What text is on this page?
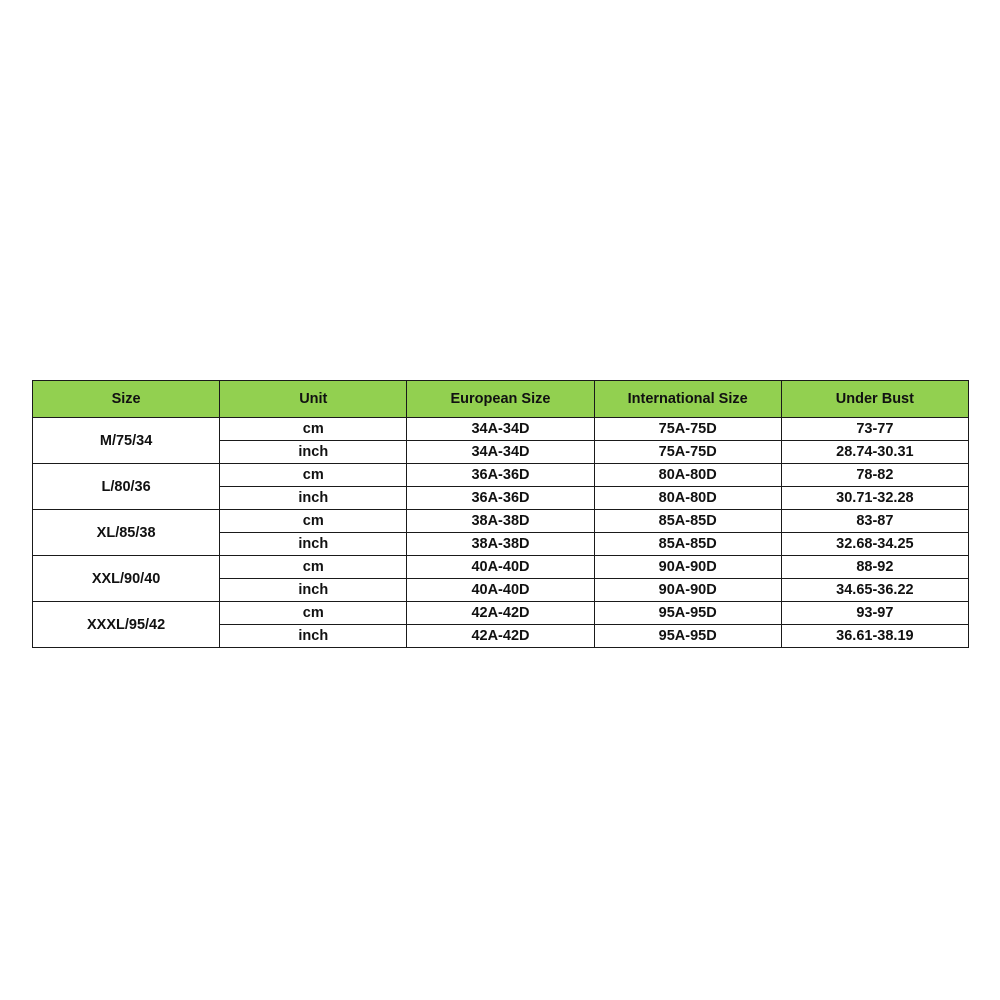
Size	Unit	European Size	International Size	Under Bust
M/75/34	cm	34A-34D	75A-75D	73-77
	inch	34A-34D	75A-75D	28.74-30.31
L/80/36	cm	36A-36D	80A-80D	78-82
	inch	36A-36D	80A-80D	30.71-32.28
XL/85/38	cm	38A-38D	85A-85D	83-87
	inch	38A-38D	85A-85D	32.68-34.25
XXL/90/40	cm	40A-40D	90A-90D	88-92
	inch	40A-40D	90A-90D	34.65-36.22
XXXL/95/42	cm	42A-42D	95A-95D	93-97
	inch	42A-42D	95A-95D	36.61-38.19
